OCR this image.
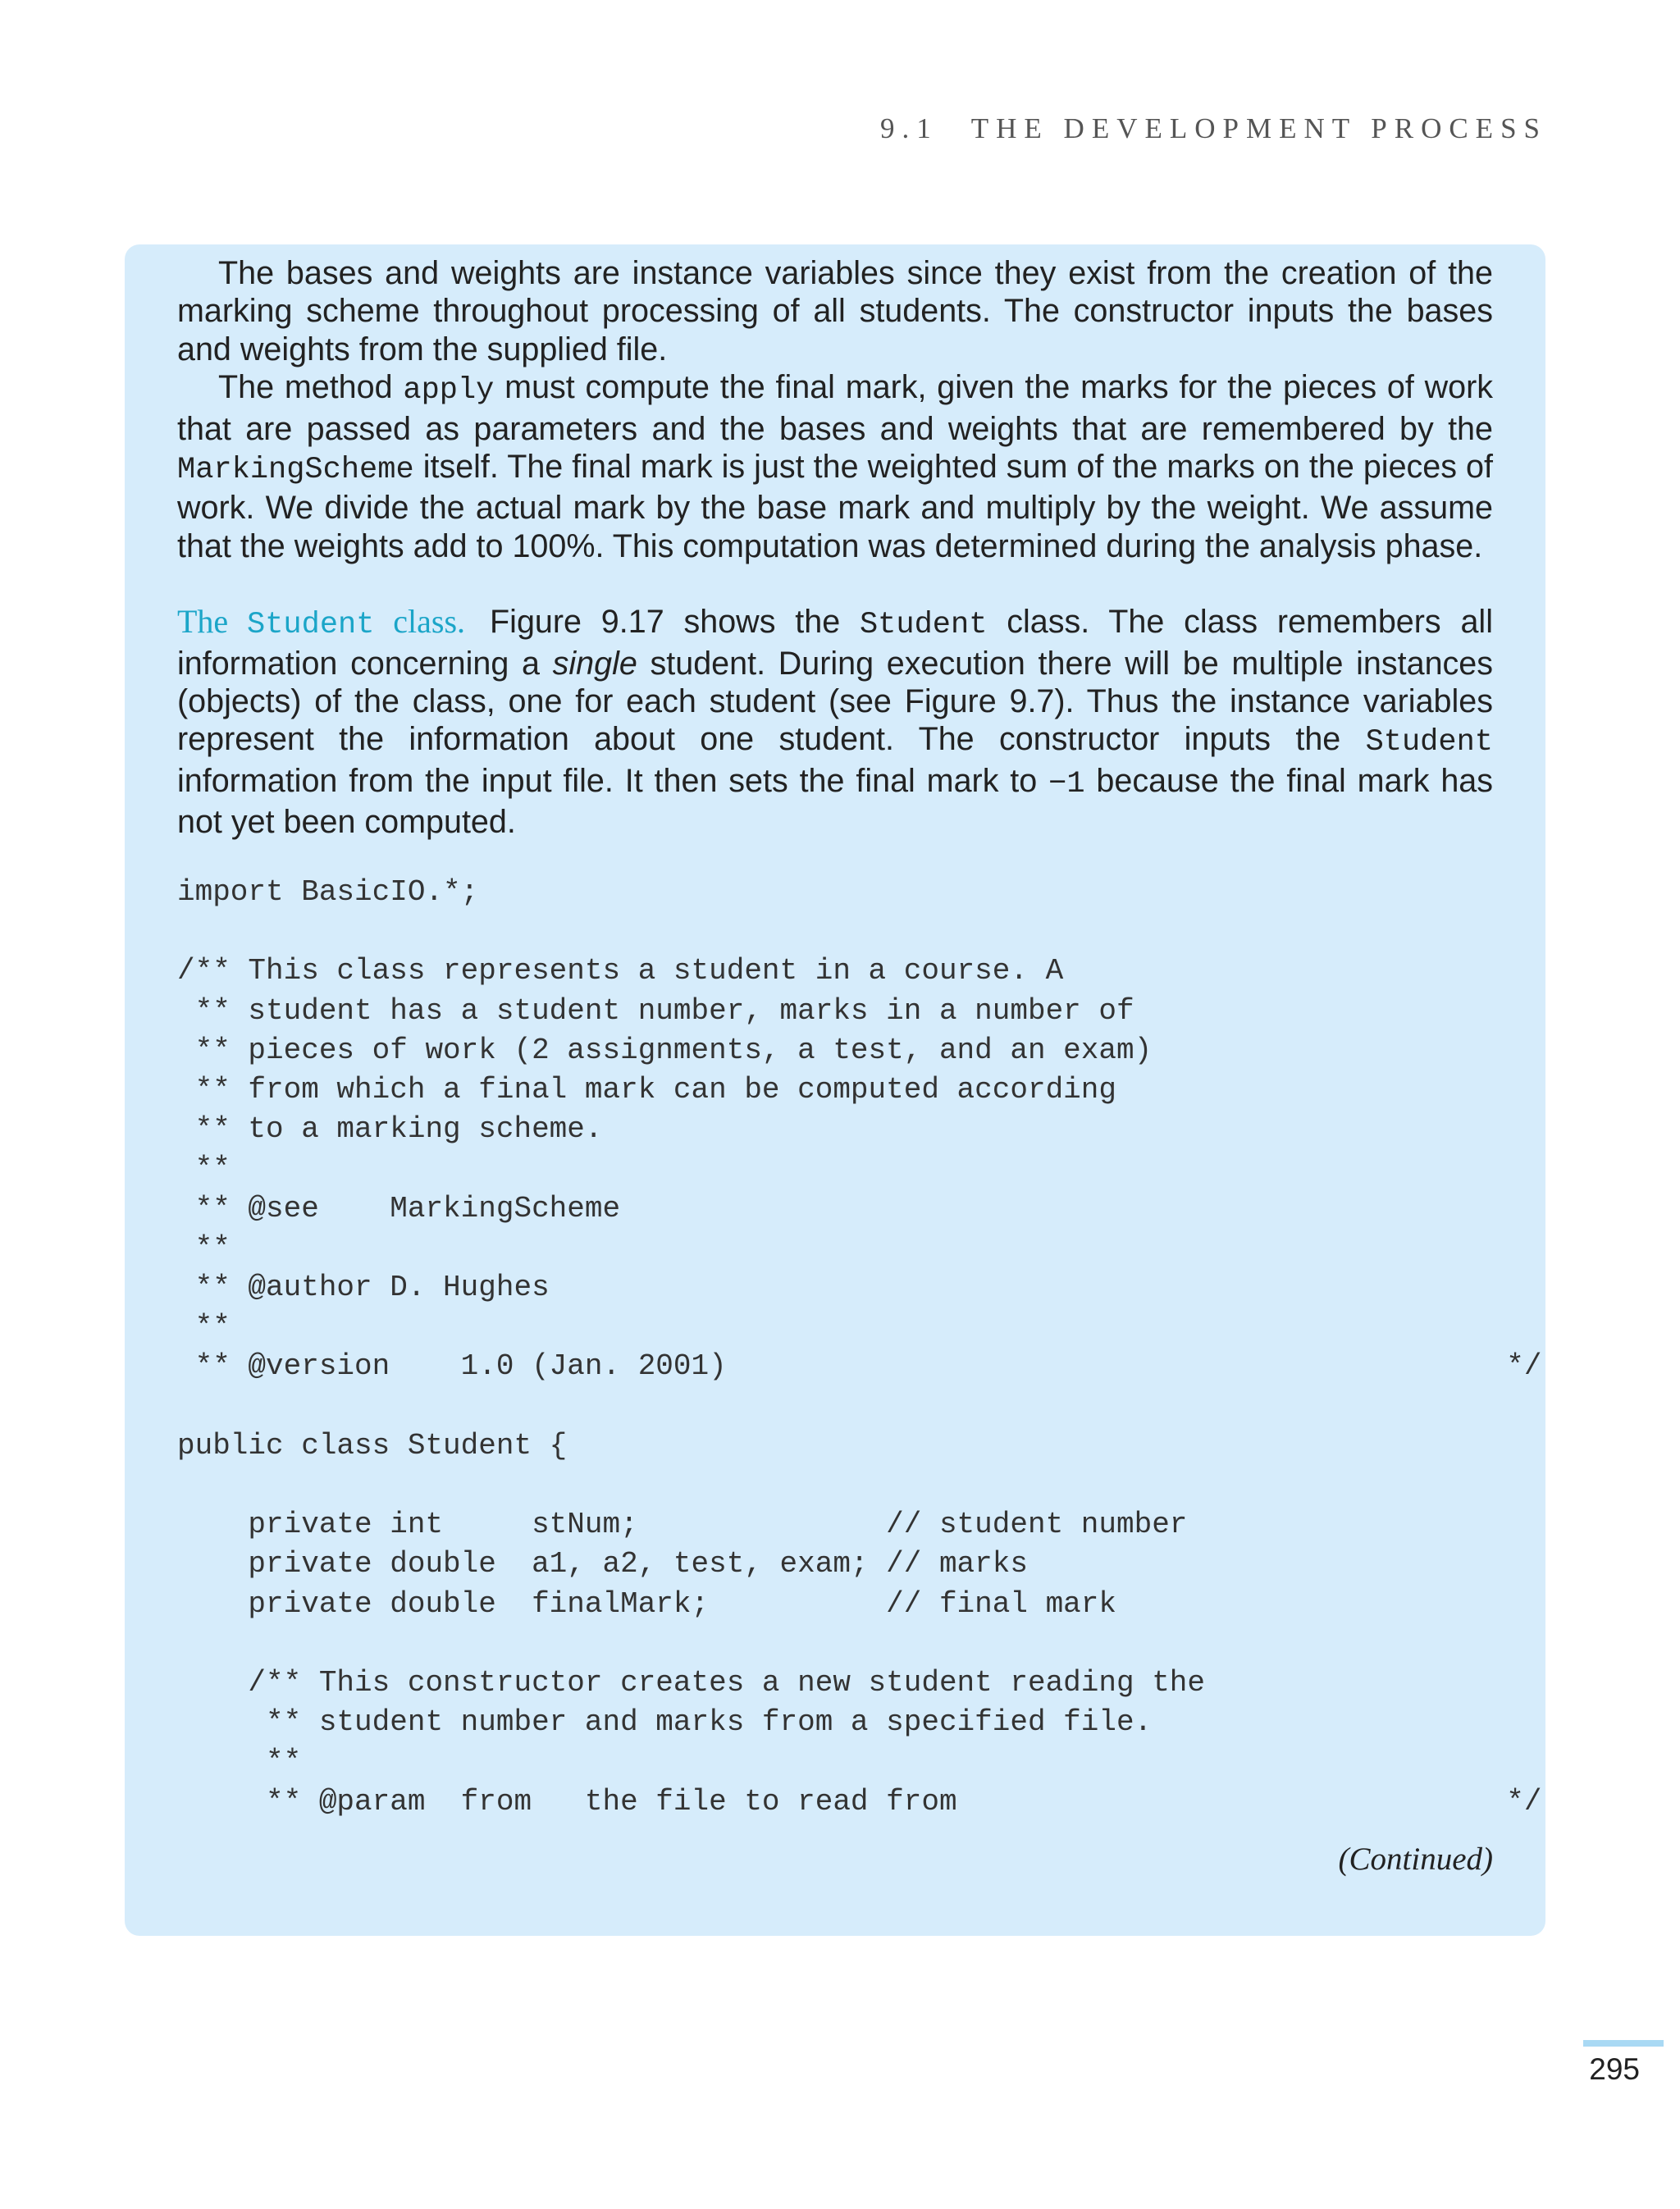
9.1 THE DEVELOPMENT PROCESS

The bases and weights are instance variables since they exist from the creation of the marking scheme throughout processing of all students. The constructor inputs the bases and weights from the supplied file.

The method apply must compute the final mark, given the marks for the pieces of work that are passed as parameters and the bases and weights that are remembered by the MarkingScheme itself. The final mark is just the weighted sum of the marks on the pieces of work. We divide the actual mark by the base mark and multiply by the weight. We assume that the weights add to 100%. This computation was determined during the analysis phase.

The Student class. Figure 9.17 shows the Student class. The class remembers all information concerning a single student. During execution there will be multiple instances (objects) of the class, one for each student (see Figure 9.7). Thus the instance variables represent the information about one student. The constructor inputs the Student information from the input file. It then sets the final mark to −1 because the final mark has not yet been computed.

import BasicIO.*;

/** This class represents a student in a course. A
** student has a student number, marks in a number of
** pieces of work (2 assignments, a test, and an exam)
** from which a final mark can be computed according
** to a marking scheme.
**
** @see    MarkingScheme
**
** @author D. Hughes
**
** @version    1.0 (Jan. 2001)

public class Student {

private int     stNum;              // student number
private double  a1, a2, test, exam; // marks
private double  finalMark;          // final mark

/** This constructor creates a new student reading the
** student number and marks from a specified file.
**
** @param  from   the file to read from
(Continued)
295
